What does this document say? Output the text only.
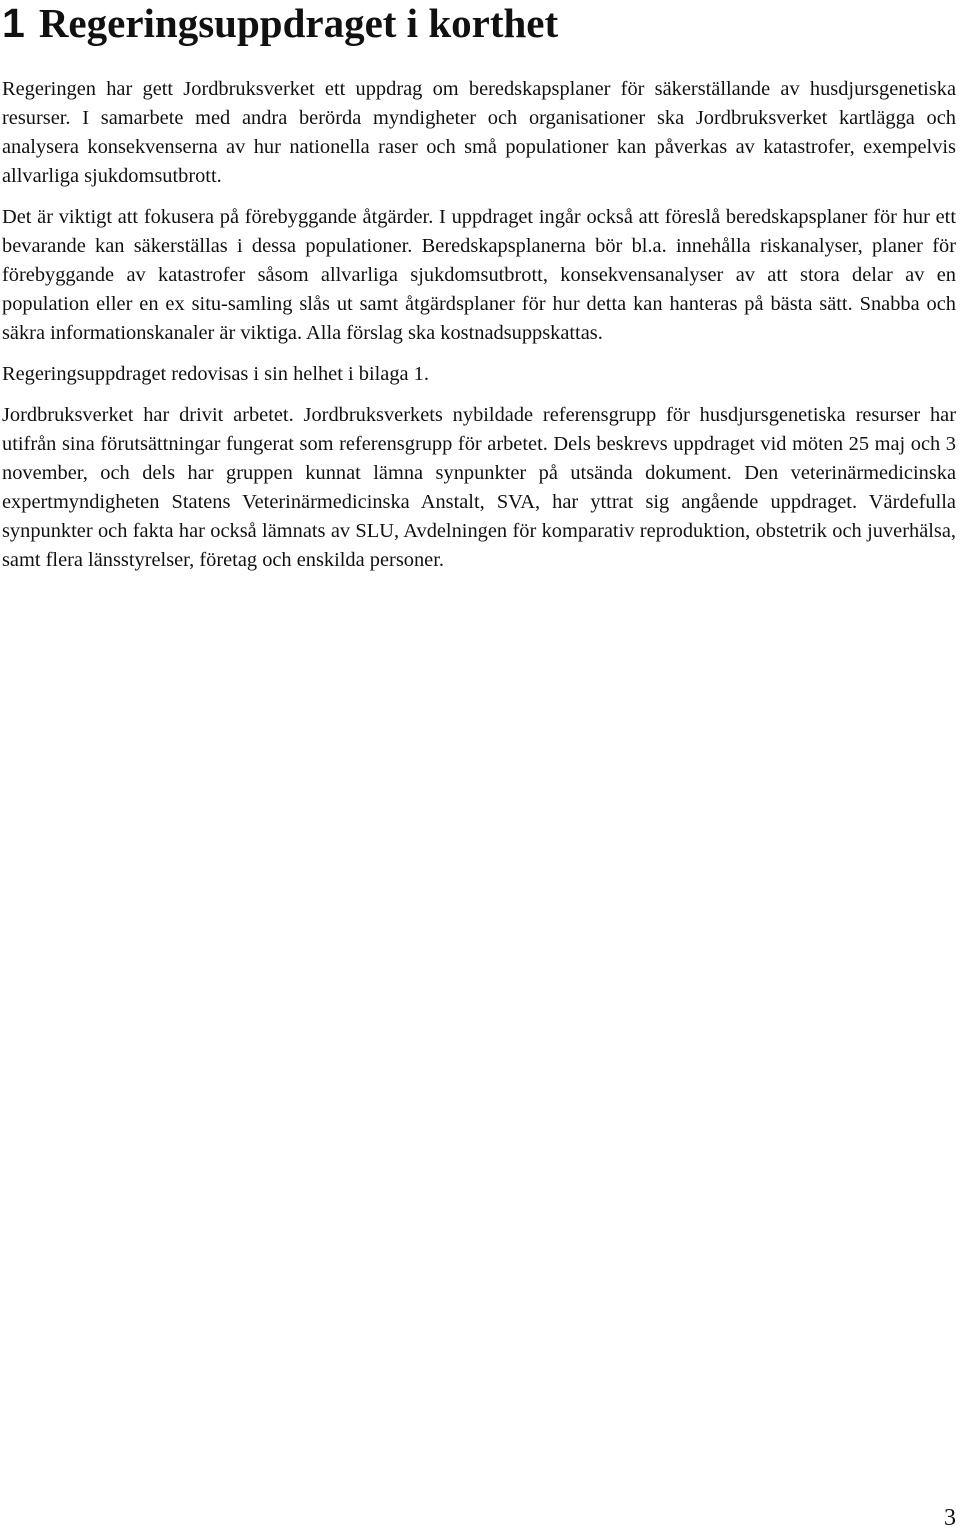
1 Regeringsuppdraget i korthet

Regeringen har gett Jordbruksverket ett uppdrag om beredskapsplaner för säkerställande av husdjursgenetiska resurser. I samarbete med andra berörda myndigheter och organisationer ska Jordbruksverket kartlägga och analysera konsekvenserna av hur nationella raser och små populationer kan påverkas av katastrofer, exempelvis allvarliga sjukdomsutbrott.

Det är viktigt att fokusera på förebyggande åtgärder. I uppdraget ingår också att föreslå beredskapsplaner för hur ett bevarande kan säkerställas i dessa populationer. Beredskapsplanerna bör bl.a. innehålla riskanalyser, planer för förebyggande av katastrofer såsom allvarliga sjukdomsutbrott, konsekvensanalyser av att stora delar av en population eller en ex situ-samling slås ut samt åtgärdsplaner för hur detta kan hanteras på bästa sätt. Snabba och säkra informationskanaler är viktiga. Alla förslag ska kostnadsuppskattas.

Regeringsuppdraget redovisas i sin helhet i bilaga 1.

Jordbruksverket har drivit arbetet. Jordbruksverkets nybildade referensgrupp för husdjursgenetiska resurser har utifrån sina förutsättningar fungerat som referensgrupp för arbetet. Dels beskrevs uppdraget vid möten 25 maj och 3 november, och dels har gruppen kunnat lämna synpunkter på utsända dokument. Den veterinärmedicinska expertmyndigheten Statens Veterinärmedicinska Anstalt, SVA, har yttrat sig angående uppdraget. Värdefulla synpunkter och fakta har också lämnats av SLU, Avdelningen för komparativ reproduktion, obstetrik och juverhälsa, samt flera länsstyrelser, företag och enskilda personer.

3
